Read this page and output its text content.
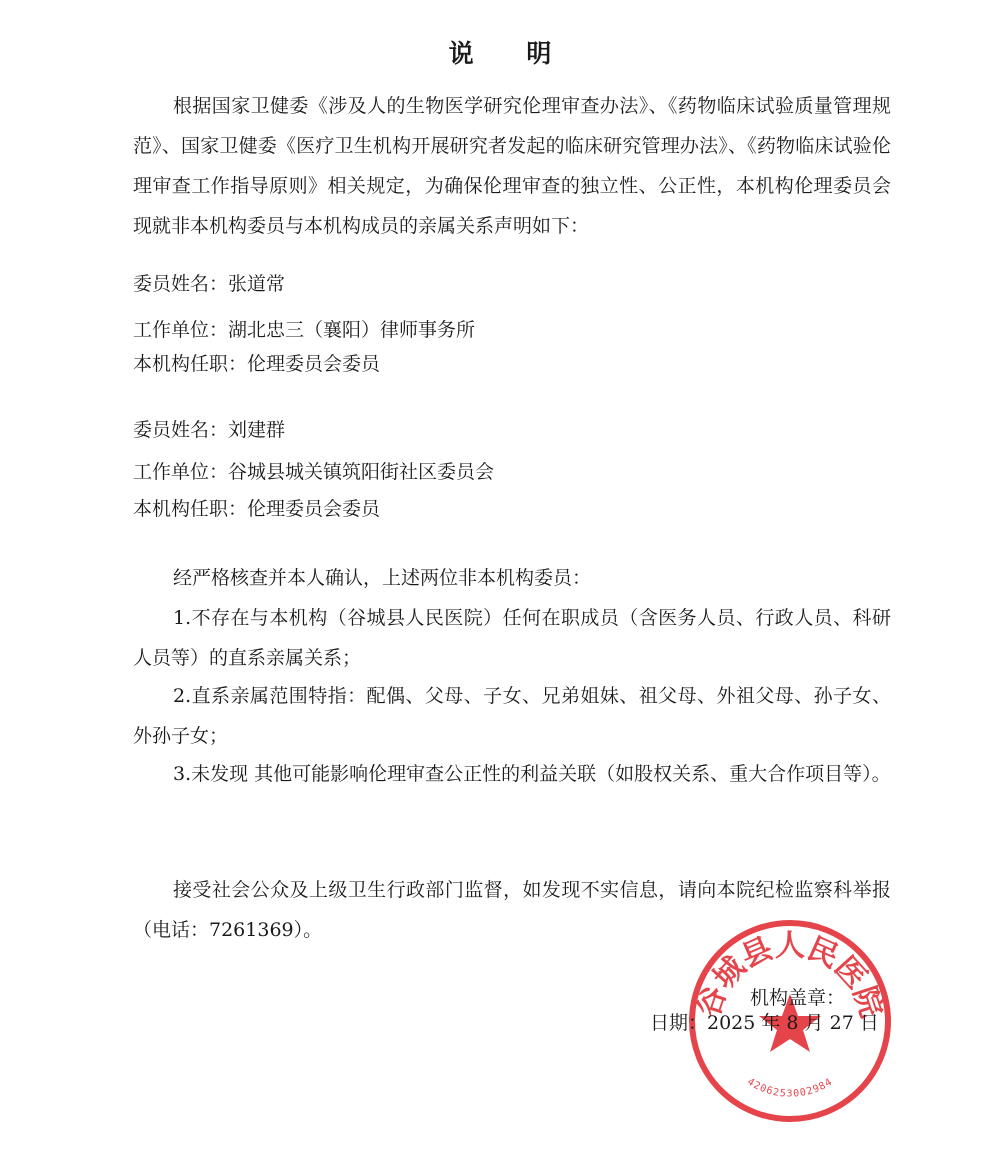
说 明
根据国家卫健委《涉及人的生物医学研究伦理审查办法》、《药物临床试验质量管理规范》、国家卫健委《医疗卫生机构开展研究者发起的临床研究管理办法》、《药物临床试验伦理审查工作指导原则》相关规定，为确保伦理审查的独立性、公正性，本机构伦理委员会现就非本机构委员与本机构成员的亲属关系声明如下：
委员姓名：张道常
工作单位：湖北忠三（襄阳）律师事务所
本机构任职：伦理委员会委员
委员姓名：刘建群
工作单位：谷城县城关镇筑阳街社区委员会
本机构任职：伦理委员会委员
经严格核查并本人确认，上述两位非本机构委员：
1.不存在与本机构（谷城县人民医院）任何在职成员（含医务人员、行政人员、科研人员等）的直系亲属关系；
2.直系亲属范围特指：配偶、父母、子女、兄弟姐妹、祖父母、外祖父母、孙子女、外孙子女；
3.未发现 其他可能影响伦理审查公正性的利益关联（如股权关系、重大合作项目等）。
接受社会公众及上级卫生行政部门监督，如发现不实信息，请向本院纪检监察科举报（电话：7261369）。
谷城县人民医院
4206253002984
机构盖章：
日期：2025 年 8 月 27 日
